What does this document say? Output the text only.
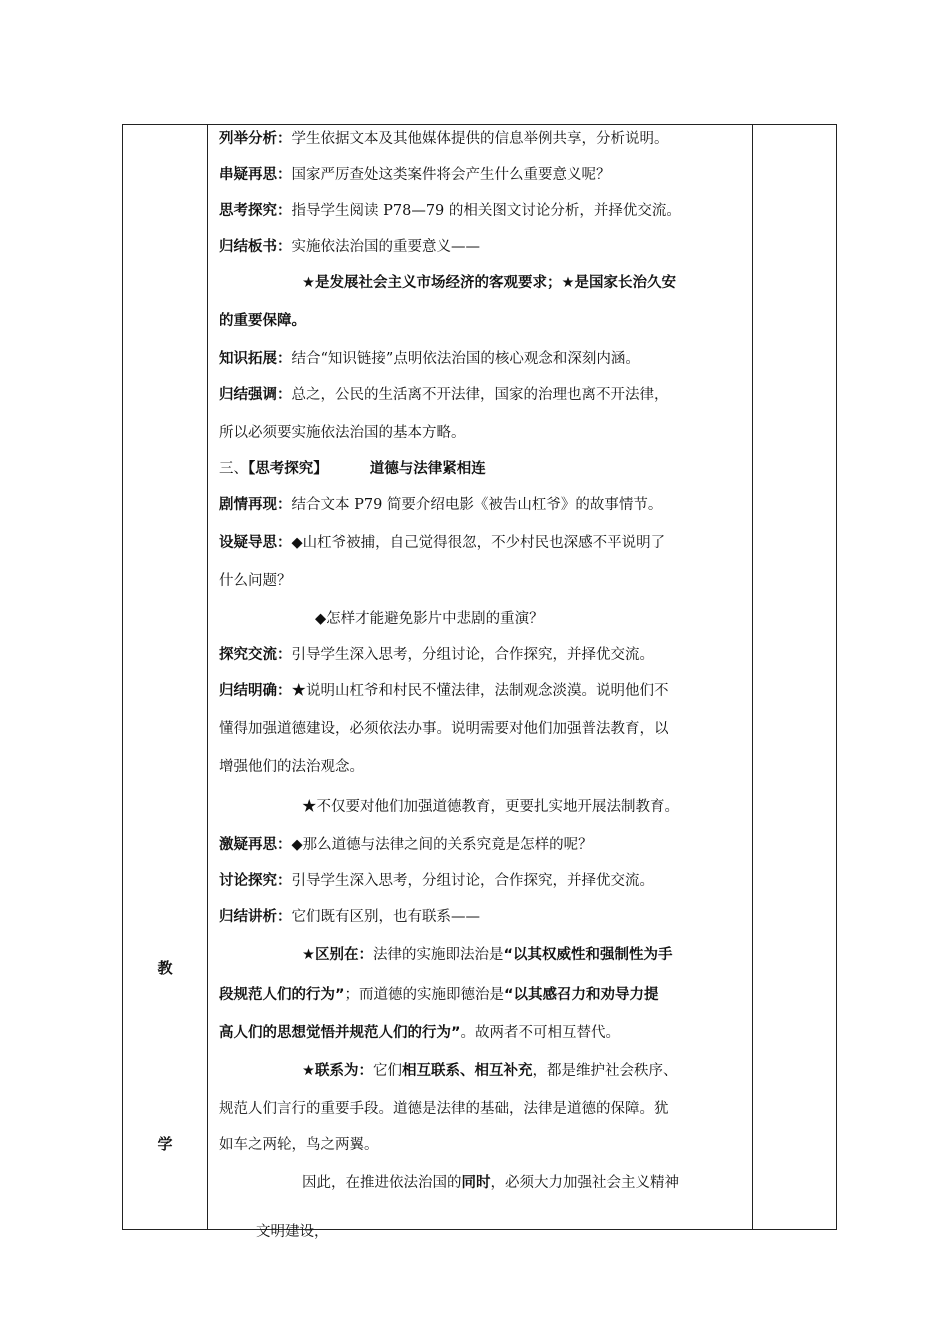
教
学

列举分析：学生依据文本及其他媒体提供的信息举例共享，分析说明。
串疑再思：国家严厉查处这类案件将会产生什么重要意义呢？
思考探究：指导学生阅读 P78—79 的相关图文讨论分析，并择优交流。
归结板书：实施依法治国的重要意义——
★是发展社会主义市场经济的客观要求；★是国家长治久安
的重要保障。
知识拓展：结合“知识链接”点明依法治国的核心观念和深刻内涵。
归结强调：总之，公民的生活离不开法律，国家的治理也离不开法律，
所以必须要实施依法治国的基本方略。
三、【思考探究】	道德与法律紧相连
剧情再现：结合文本 P79 简要介绍电影《被告山杠爷》的故事情节。
设疑导思：◆山杠爷被捕，自己觉得很忽，不少村民也深感不平说明了
什么问题？
◆怎样才能避免影片中悲剧的重演？
探究交流：引导学生深入思考，分组讨论，合作探究，并择优交流。
归结明确：★说明山杠爷和村民不懂法律，法制观念淡漠。说明他们不
懂得加强道德建设，必须依法办事。说明需要对他们加强普法教育，以
增强他们的法治观念。
★不仅要对他们加强道德教育，更要扎实地开展法制教育。
激疑再思：◆那么道德与法律之间的关系究竟是怎样的呢？
讨论探究：引导学生深入思考，分组讨论，合作探究，并择优交流。
归结讲析：它们既有区别，也有联系——
★区别在：法律的实施即法治是“以其权威性和强制性为手
段规范人们的行为”；而道德的实施即德治是“以其感召力和劝导力提
高人们的思想觉悟并规范人们的行为”。故两者不可相互替代。
★联系为：它们相互联系、相互补充，都是维护社会秩序、
规范人们言行的重要手段。道德是法律的基础，法律是道德的保障。犹
如车之两轮，鸟之两翼。
因此，在推进依法治国的同时，必须大力加强社会主义精神

文明建设，
